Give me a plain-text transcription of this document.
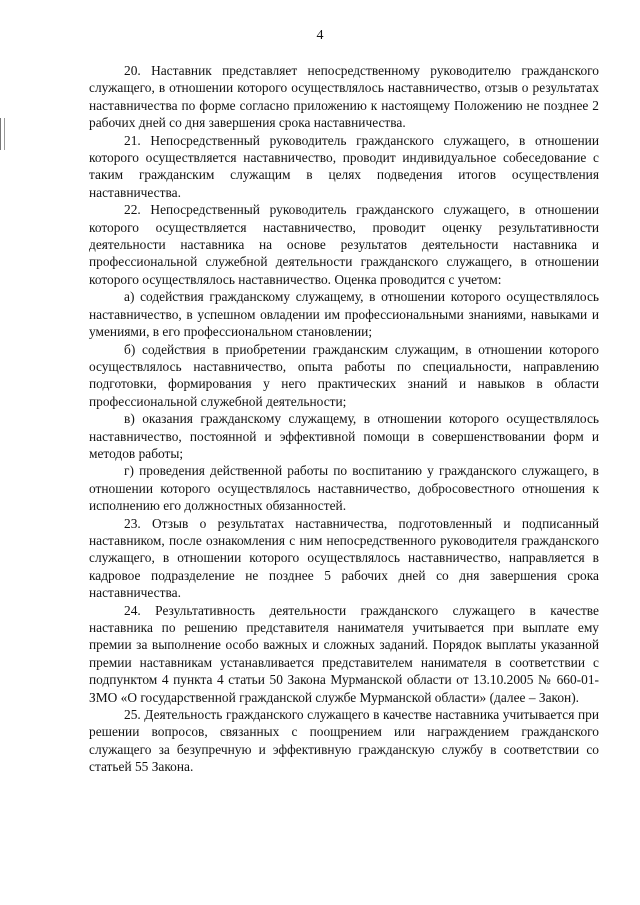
4

20. Наставник представляет непосредственному руководителю гражданского служащего, в отношении которого осуществлялось наставничество, отзыв о результатах наставничества по форме согласно приложению к настоящему Положению не позднее 2 рабочих дней со дня завершения срока наставничества.

21. Непосредственный руководитель гражданского служащего, в отношении которого осуществляется наставничество, проводит индивидуальное собеседование с таким гражданским служащим в целях подведения итогов осуществления наставничества.

22. Непосредственный руководитель гражданского служащего, в отношении которого осуществляется наставничество, проводит оценку результативности деятельности наставника на основе результатов деятельности наставника и профессиональной служебной деятельности гражданского служащего, в отношении которого осуществлялось наставничество. Оценка проводится с учетом:

а) содействия гражданскому служащему, в отношении которого осуществлялось наставничество, в успешном овладении им профессиональными знаниями, навыками и умениями, в его профессиональном становлении;

б) содействия в приобретении гражданским служащим, в отношении которого осуществлялось наставничество, опыта работы по специальности, направлению подготовки, формирования у него практических знаний и навыков в области профессиональной служебной деятельности;

в) оказания гражданскому служащему, в отношении которого осуществлялось наставничество, постоянной и эффективной помощи в совершенствовании форм и методов работы;

г) проведения действенной работы по воспитанию у гражданского служащего, в отношении которого осуществлялось наставничество, добросовестного отношения к исполнению его должностных обязанностей.

23. Отзыв о результатах наставничества, подготовленный и подписанный наставником, после ознакомления с ним непосредственного руководителя гражданского служащего, в отношении которого осуществлялось наставничество, направляется в кадровое подразделение не позднее 5 рабочих дней со дня завершения срока наставничества.

24. Результативность деятельности гражданского служащего в качестве наставника по решению представителя нанимателя учитывается при выплате ему премии за выполнение особо важных и сложных заданий. Порядок выплаты указанной премии наставникам устанавливается представителем нанимателя в соответствии с подпунктом 4 пункта 4 статьи 50 Закона Мурманской области от 13.10.2005 № 660-01-ЗМО «О государственной гражданской службе Мурманской области» (далее – Закон).

25. Деятельность гражданского служащего в качестве наставника учитывается при решении вопросов, связанных с поощрением или награждением гражданского служащего за безупречную и эффективную гражданскую службу в соответствии со статьей 55 Закона.
